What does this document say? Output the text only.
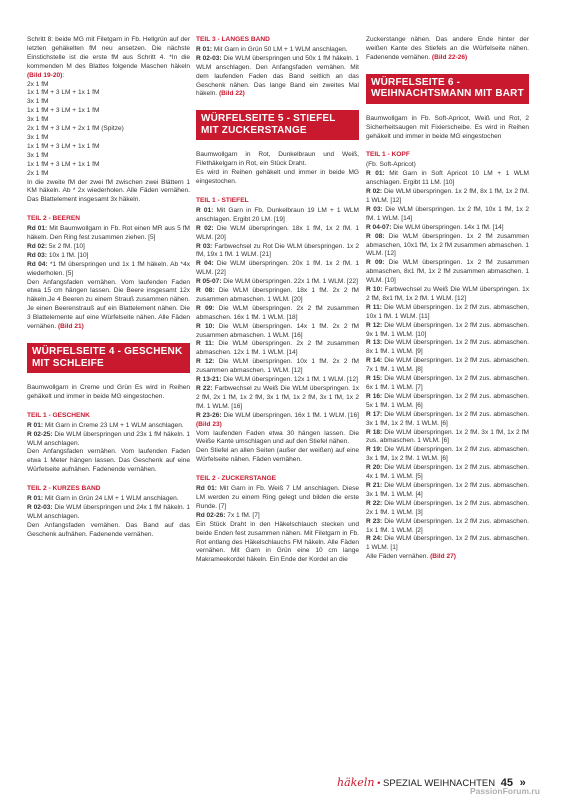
Schritt 8: beide MG mit Filetgarn in Fb. Hellgrün auf der letzten gehäkelten fM neu ansetzen. Die nächste Einstichstelle ist die erste fM aus Schritt 4. *In die kommenden M des Blattes folgende Maschen häkeln (Bild 19-20):

2x 1 fM

1x 1 fM + 3 LM + 1x 1 fM

3x 1 fM

1x 1 fM + 3 LM + 1x 1 fM

3x 1 fM

2x 1 fM + 3 LM + 2x 1 fM (Spitze)

3x 1 fM

1x 1 fM + 3 LM + 1x 1 fM

3x 1 fM

1x 1 fM + 3 LM + 1x 1 fM

2x 1 fM

In die zweite fM der zwei fM zwischen zwei Blättern 1 KM häkeln. Ab * 2x wiederholen. Alle Fäden vernähen. Das Blattelement insgesamt 3x häkeln.

TEIL 2 - BEEREN

Rd 01: Mit Baumwollgarn in Fb. Rot einen MR aus 5 fM häkeln. Den Ring fest zusammen ziehen. [5]

Rd 02: 5x 2 fM. [10]

Rd 03: 10x 1 fM. [10]

Rd 04: *1 fM überspringen und 1x 1 fM häkeln. Ab *4x wiederholen. [5]

Den Anfangsfaden vernähen. Vom laufenden Faden etwa 15 cm hängen lassen. Die Beere insgesamt 12x häkeln.Je 4 Beeren zu einem Strauß zusammen nähen. Je einen Beerenstrauß auf ein Blattelement nähen. Die 3 Blattelemente auf eine Würfelseite nähen. Alle Fäden vernähen. (Bild 21)

WÜRFELSEITE 4 - GESCHENK MIT SCHLEIFE

Baumwollgarn in Creme und Grün Es wird in Reihen gehäkelt und immer in beide MG eingestochen.

TEIL 1 - GESCHENK

R 01: Mit Garn in Creme 23 LM + 1 WLM anschlagen.

R 02-25: Die WLM überspringen und 23x 1 fM häkeln. 1 WLM anschlagen.

Den Anfangsfaden vernähen. Vom laufenden Faden etwa 1 Meter hängen lassen. Das Geschenk auf eine Würfelseite aufnähen. Fadenende vernähen.

TEIL 2 - KURZES BAND

R 01: Mit Garn in Grün 24 LM + 1 WLM anschlagen.

R 02-03: Die WLM überspringen und 24x 1 fM häkeln. 1 WLM anschlagen.

Den Anfangsfaden vernähen. Das Band auf das Geschenk aufnähen. Fadenende vernähen.

TEIL 3 - LANGES BAND

R 01: Mit Garn in Grün 50 LM + 1 WLM anschlagen.

R 02-03: Die WLM überspringen und 50x 1 fM häkeln. 1 WLM anschlagen. Den Anfangsfaden vernähen. Mit dem laufenden Faden das Band seitlich an das Geschenk nähen. Das lange Band ein zweites Mal häkeln. (Bild 22)

WÜRFELSEITE 5 - STIEFEL MIT ZUCKERSTANGE

Baumwollgarn in Rot, Dunkelbraun und Weiß, Filethäkelgarn in Rot, ein Stück Draht.

Es wird in Reihen gehäkelt und immer in beide MG eingestochen.

TEIL 1 - STIEFEL

R 01: Mit Garn in Fb. Dunkelbraun 19 LM + 1 WLM anschlagen. Ergibt 20 LM. [19]

R 02: Die WLM überspringen. 18x 1 fM, 1x 2 fM. 1 WLM. [20]

R 03: Farbwechsel zu Rot Die WLM überspringen. 1x 2 fM, 19x 1 fM. 1 WLM. [21]

R 04: Die WLM überspringen. 20x 1 fM. 1x 2 fM. 1 WLM. [22]

R 05-07: Die WLM überspringen. 22x 1 fM. 1 WLM. [22]

R 08: Die WLM überspringen. 18x 1 fM. 2x 2 fM zusammen abmaschen. 1 WLM. [20]

R 09: Die WLM überspringen. 2x 2 fM zusammen abmaschen. 16x 1 fM. 1 WLM. [18]

R 10: Die WLM überspringen. 14x 1 fM. 2x 2 fM zusammen abmaschen. 1 WLM. [16]

R 11: Die WLM überspringen. 2x 2 fM zusammen abmaschen. 12x 1 fM. 1 WLM. [14]

R 12: Die WLM überspringen. 10x 1 fM. 2x 2 fM zusammen abmaschen. 1 WLM. [12]

R 13-21: Die WLM überspringen. 12x 1 fM. 1 WLM. [12]

R 22: Farbwechsel zu Weiß Die WLM überspringen. 1x 2 fM, 2x 1 fM, 1x 2 fM, 3x 1 fM, 1x 2 fM, 3x 1 fM, 1x 2 fM. 1 WLM. [16]

R 23-26: Die WLM überspringen. 16x 1 fM. 1 WLM. [16] (Bild 23)

Vom laufenden Faden etwa 30 hängen lassen. Die Weiße Kante umschlagen und auf den Stiefel nähen.

Den Stiefel an allen Seiten (außer der weißen) auf eine Würfelseite nähen. Fäden vernähen.

TEIL 2 - ZUCKERSTANGE

Rd 01: Mit Garn in Fb. Weiß 7 LM anschlagen. Diese LM werden zu einem Ring gelegt und bilden die erste Runde. [7]

Rd 02-26: 7x 1 fM. [7]

Ein Stück Draht in den Häkelschlauch stecken und beide Enden fest zusammen nähen. Mit Filetgarn in Fb. Rot entlang des Häkelschlauchs FM häkeln. Alle Fäden vernähen. Mit Garn in Grün eine 10 cm lange Makrameekordel häkeln. Ein Ende der Kordel an die

Zuckerstange nähen. Das andere Ende hinter der weißen Kante des Stiefels an die Würfelseite nähen. Fadenende vernähen. (Bild 22-26)

WÜRFELSEITE 6 - WEIHNACHTSMANN MIT BART

Baumwollgarn in Fb. Soft-Apricot, Weiß und Rot, 2 Sicherheitsaugen mit Fixierscheibe. Es wird in Reihen gehäkelt und immer in beide MG eingestochen

TEIL 1 - KOPF

(Fb. Soft-Apricot)

R 01: Mit Garn in Soft Apricot 10 LM + 1 WLM anschlagen. Ergibt 11 LM. [10]

R 02: Die WLM überspringen. 1x 2 fM, 8x 1 fM, 1x 2 fM. 1 WLM. [12]

R 03: Die WLM überspringen. 1x 2 fM, 10x 1 fM, 1x 2 fM. 1 WLM. [14]

R 04-07: Die WLM überspringen. 14x 1 fM. [14]

R 08: Die WLM überspringen. 1x 2 fM zusammen abmaschen, 10x1 fM, 1x 2 fM zusammen abmaschen. 1 WLM. [12]

R 09: Die WLM überspringen. 1x 2 fM zusammen abmaschen, 8x1 fM, 1x 2 fM zusammen abmaschen. 1 WLM. [10]

R 10: Farbwechsel zu Weiß Die WLM überspringen. 1x 2 fM, 8x1 fM, 1x 2 fM. 1 WLM. [12]

R 11: Die WLM überspringen. 1x 2 fM zus. abmaschen, 10x 1 fM. 1 WLM. [11]

R 12: Die WLM überspringen. 1x 2 fM zus. abmaschen. 9x 1 fM. 1 WLM. [10]

R 13: Die WLM überspringen. 1x 2 fM zus. abmaschen. 8x 1 fM. 1 WLM. [9]

R 14: Die WLM überspringen. 1x 2 fM zus. abmaschen. 7x 1 fM. 1 WLM. [8]

R 15: Die WLM überspringen. 1x 2 fM zus. abmaschen. 6x 1 fM. 1 WLM. [7]

R 16: Die WLM überspringen. 1x 2 fM zus. abmaschen. 5x 1 fM. 1 WLM. [6]

R 17: Die WLM überspringen. 1x 2 fM zus. abmaschen. 3x 1 fM, 1x 2 fM. 1 WLM. [6]

R 18: Die WLM überspringen. 1x 2 fM. 3x 1 fM, 1x 2 fM zus. abmaschen. 1 WLM. [6]

R 19: Die WLM überspringen. 1x 2 fM zus. abmaschen. 3x 1 fM, 1x 2 fM. 1 WLM. [6]

R 20: Die WLM überspringen. 1x 2 fM zus. abmaschen. 4x 1 fM. 1 WLM. [5]

R 21: Die WLM überspringen. 1x 2 fM zus. abmaschen. 3x 1 fM. 1 WLM. [4]

R 22: Die WLM überspringen. 1x 2 fM zus. abmaschen. 2x 1 fM. 1 WLM. [3]

R 23: Die WLM überspringen. 1x 2 fM zus. abmaschen. 1x 1 fM. 1 WLM. [2]

R 24: Die WLM überspringen. 1x 2 fM zus. abmaschen. 1 WLM. [1]

Alle Fäden vernähen. (Bild 27)

häkeln • SPEZIAL WEIHNACHTEN 45 »
PassionForum.ru
